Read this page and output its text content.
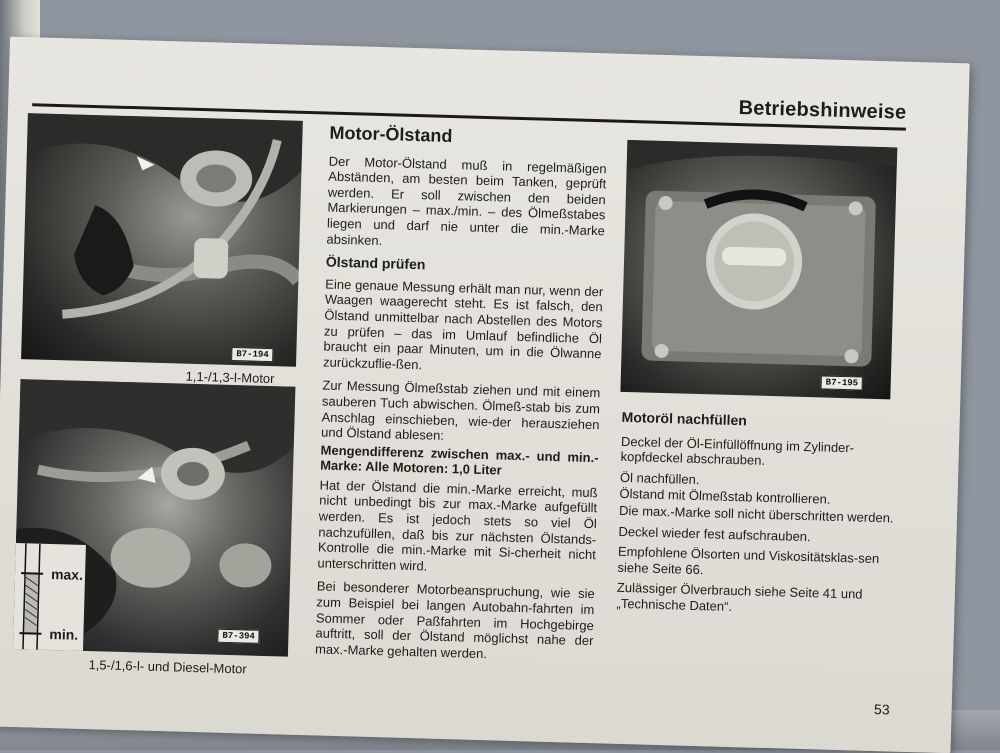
Betriebshinweise
B7-194
1,1-/1,3-l-Motor
B7-394
1,5-/1,6-l- und Diesel-Motor
max.
min.
Motor-Ölstand

Der Motor-Ölstand muß in regelmäßigen Abständen, am besten beim Tanken, geprüft werden. Er soll zwischen den beiden Markierungen – max./min. – des Ölmeßstabes liegen und darf nie unter die min.-Marke absinken.

Ölstand prüfen

Eine genaue Messung erhält man nur, wenn der Waagen waagerecht steht. Es ist falsch, den Ölstand unmittelbar nach Abstellen des Motors zu prüfen – das im Umlauf befindliche Öl braucht ein paar Minuten, um in die Ölwanne zurückzuflie-ßen.

Zur Messung Ölmeßstab ziehen und mit einem sauberen Tuch abwischen. Ölmeß-stab bis zum Anschlag einschieben, wie-der herausziehen und Ölstand ablesen:

Mengendifferenz zwischen max.- und min.-Marke: Alle Motoren: 1,0 Liter

Hat der Ölstand die min.-Marke erreicht, muß nicht unbedingt bis zur max.-Marke aufgefüllt werden. Es ist jedoch stets so viel Öl nachzufüllen, daß bis zur nächsten Ölstands-Kontrolle die min.-Marke mit Si-cherheit nicht unterschritten wird.

Bei besonderer Motorbeanspruchung, wie sie zum Beispiel bei langen Autobahn-fahrten im Sommer oder Paßfahrten im Hochgebirge auftritt, soll der Ölstand möglichst nahe der max.-Marke gehalten werden.

B7-195
Motoröl nachfüllen

Deckel der Öl-Einfüllöffnung im Zylinder-kopfdeckel abschrauben.

Öl nachfüllen.

Ölstand mit Ölmeßstab kontrollieren.

Die max.-Marke soll nicht überschritten werden.

Deckel wieder fest aufschrauben.

Empfohlene Ölsorten und Viskositätsklas-sen siehe Seite 66.

Zulässiger Ölverbrauch siehe Seite 41 und „Technische Daten“.

53
